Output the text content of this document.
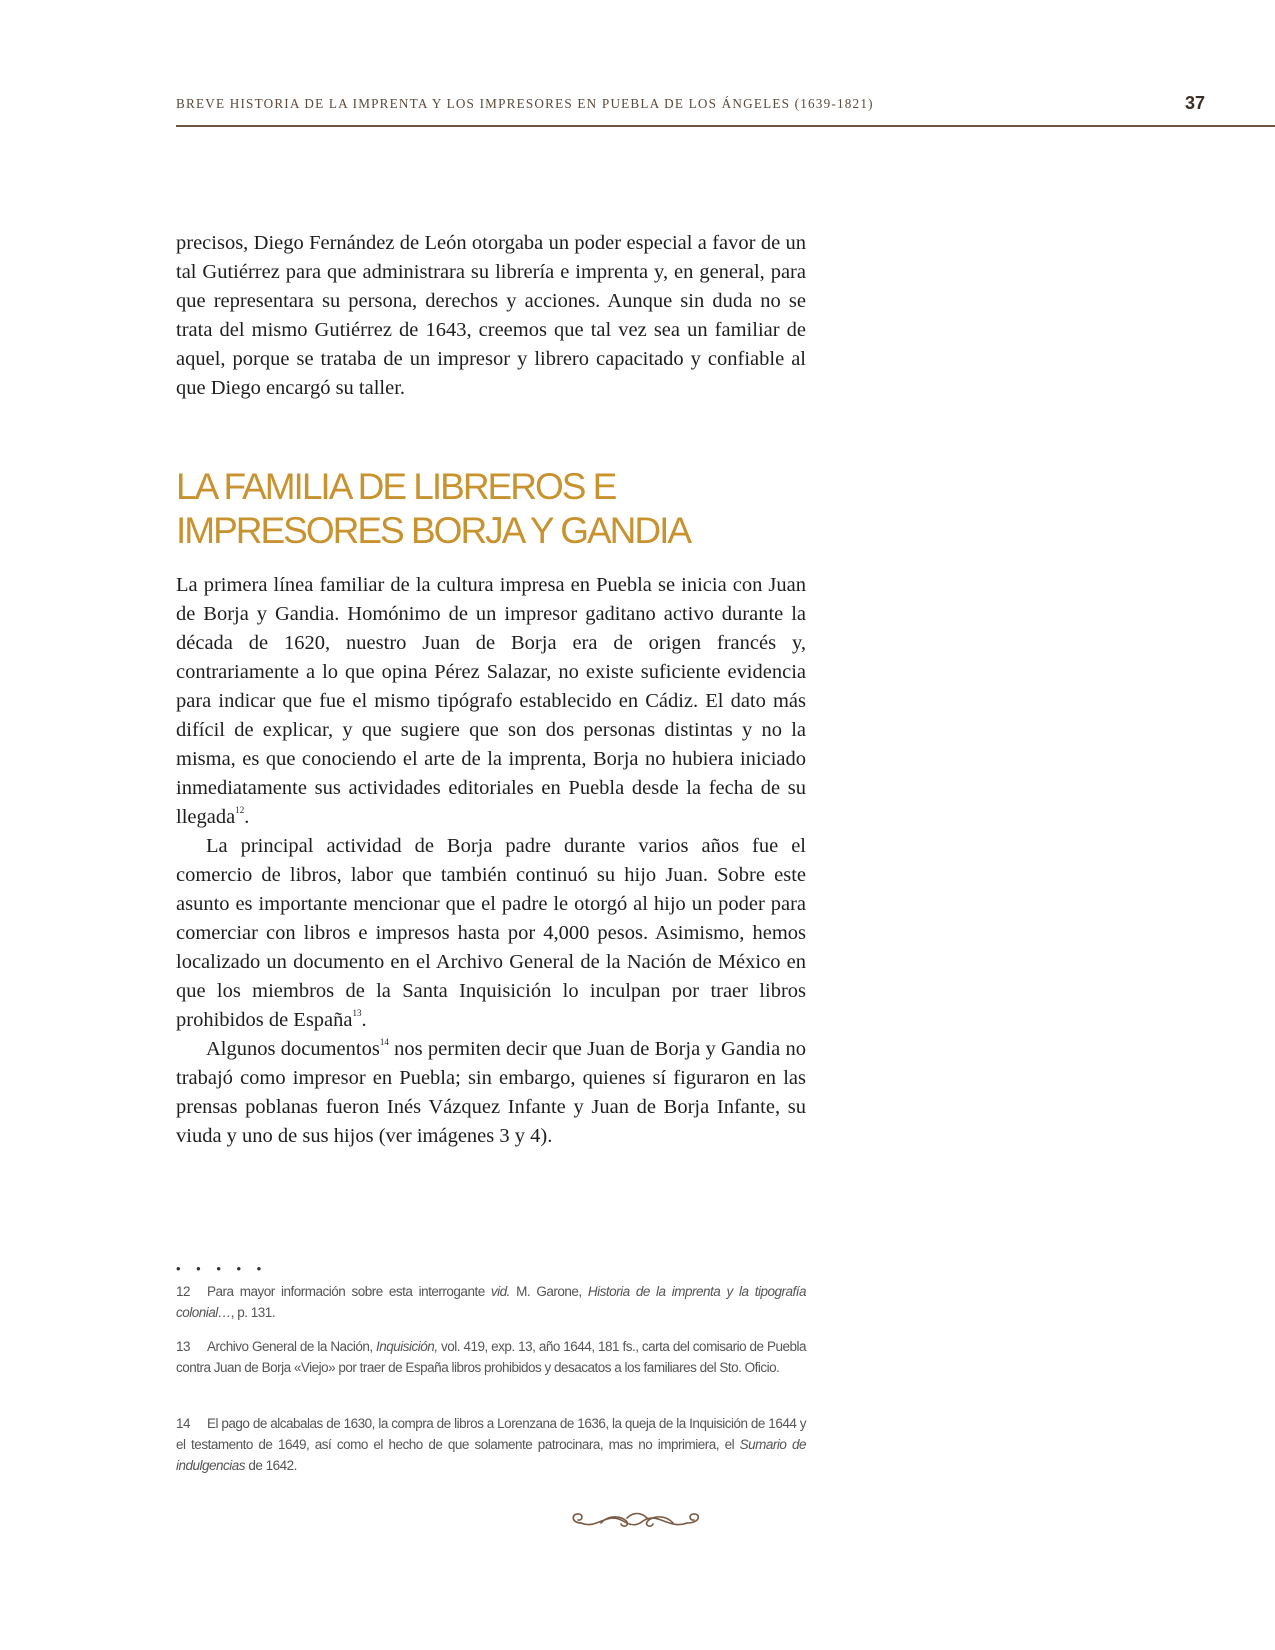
BREVE HISTORIA DE LA IMPRENTA Y LOS IMPRESORES EN PUEBLA DE LOS ÁNGELES (1639-1821)	37

precisos, Diego Fernández de León otorgaba un poder especial a favor de un tal Gutiérrez para que administrara su librería e imprenta y, en general, para que representara su persona, derechos y acciones. Aunque sin duda no se trata del mismo Gutiérrez de 1643, creemos que tal vez sea un familiar de aquel, porque se trataba de un impresor y librero capacitado y confiable al que Diego encargó su taller.

LA FAMILIA DE LIBREROS E
IMPRESORES BORJA Y GANDIA

La primera línea familiar de la cultura impresa en Puebla se inicia con Juan de Borja y Gandia. Homónimo de un impresor gaditano activo durante la década de 1620, nuestro Juan de Borja era de origen francés y, contrariamente a lo que opina Pérez Salazar, no existe suficiente evidencia para indicar que fue el mismo tipógrafo establecido en Cádiz. El dato más difícil de explicar, y que sugiere que son dos personas distintas y no la misma, es que conociendo el arte de la imprenta, Borja no hubiera iniciado inmediatamente sus actividades editoriales en Puebla desde la fecha de su llegada$^{12}$.

La principal actividad de Borja padre durante varios años fue el comercio de libros, labor que también continuó su hijo Juan. Sobre este asunto es importante mencionar que el padre le otorgó al hijo un poder para comerciar con libros e impresos hasta por 4,000 pesos. Asimismo, hemos localizado un documento en el Archivo General de la Nación de México en que los miembros de la Santa Inquisición lo inculpan por traer libros prohibidos de España$^{13}$.

Algunos documentos$^{14}$ nos permiten decir que Juan de Borja y Gandia no trabajó como impresor en Puebla; sin embargo, quienes sí figuraron en las prensas poblanas fueron Inés Vázquez Infante y Juan de Borja Infante, su viuda y uno de sus hijos (ver imágenes 3 y 4).

• • • • •
12 Para mayor información sobre esta interrogante vid. M. Garone, Historia de la imprenta y la tipografía colonial…, p. 131.
13 Archivo General de la Nación, Inquisición, vol. 419, exp. 13, año 1644, 181 fs., carta del comisario de Puebla contra Juan de Borja «Viejo» por traer de España libros prohibidos y desacatos a los familiares del Sto. Oficio.
14 El pago de alcabalas de 1630, la compra de libros a Lorenzana de 1636, la queja de la Inquisición de 1644 y el testamento de 1649, así como el hecho de que solamente patrocinara, mas no imprimiera, el Sumario de indulgencias de 1642.
